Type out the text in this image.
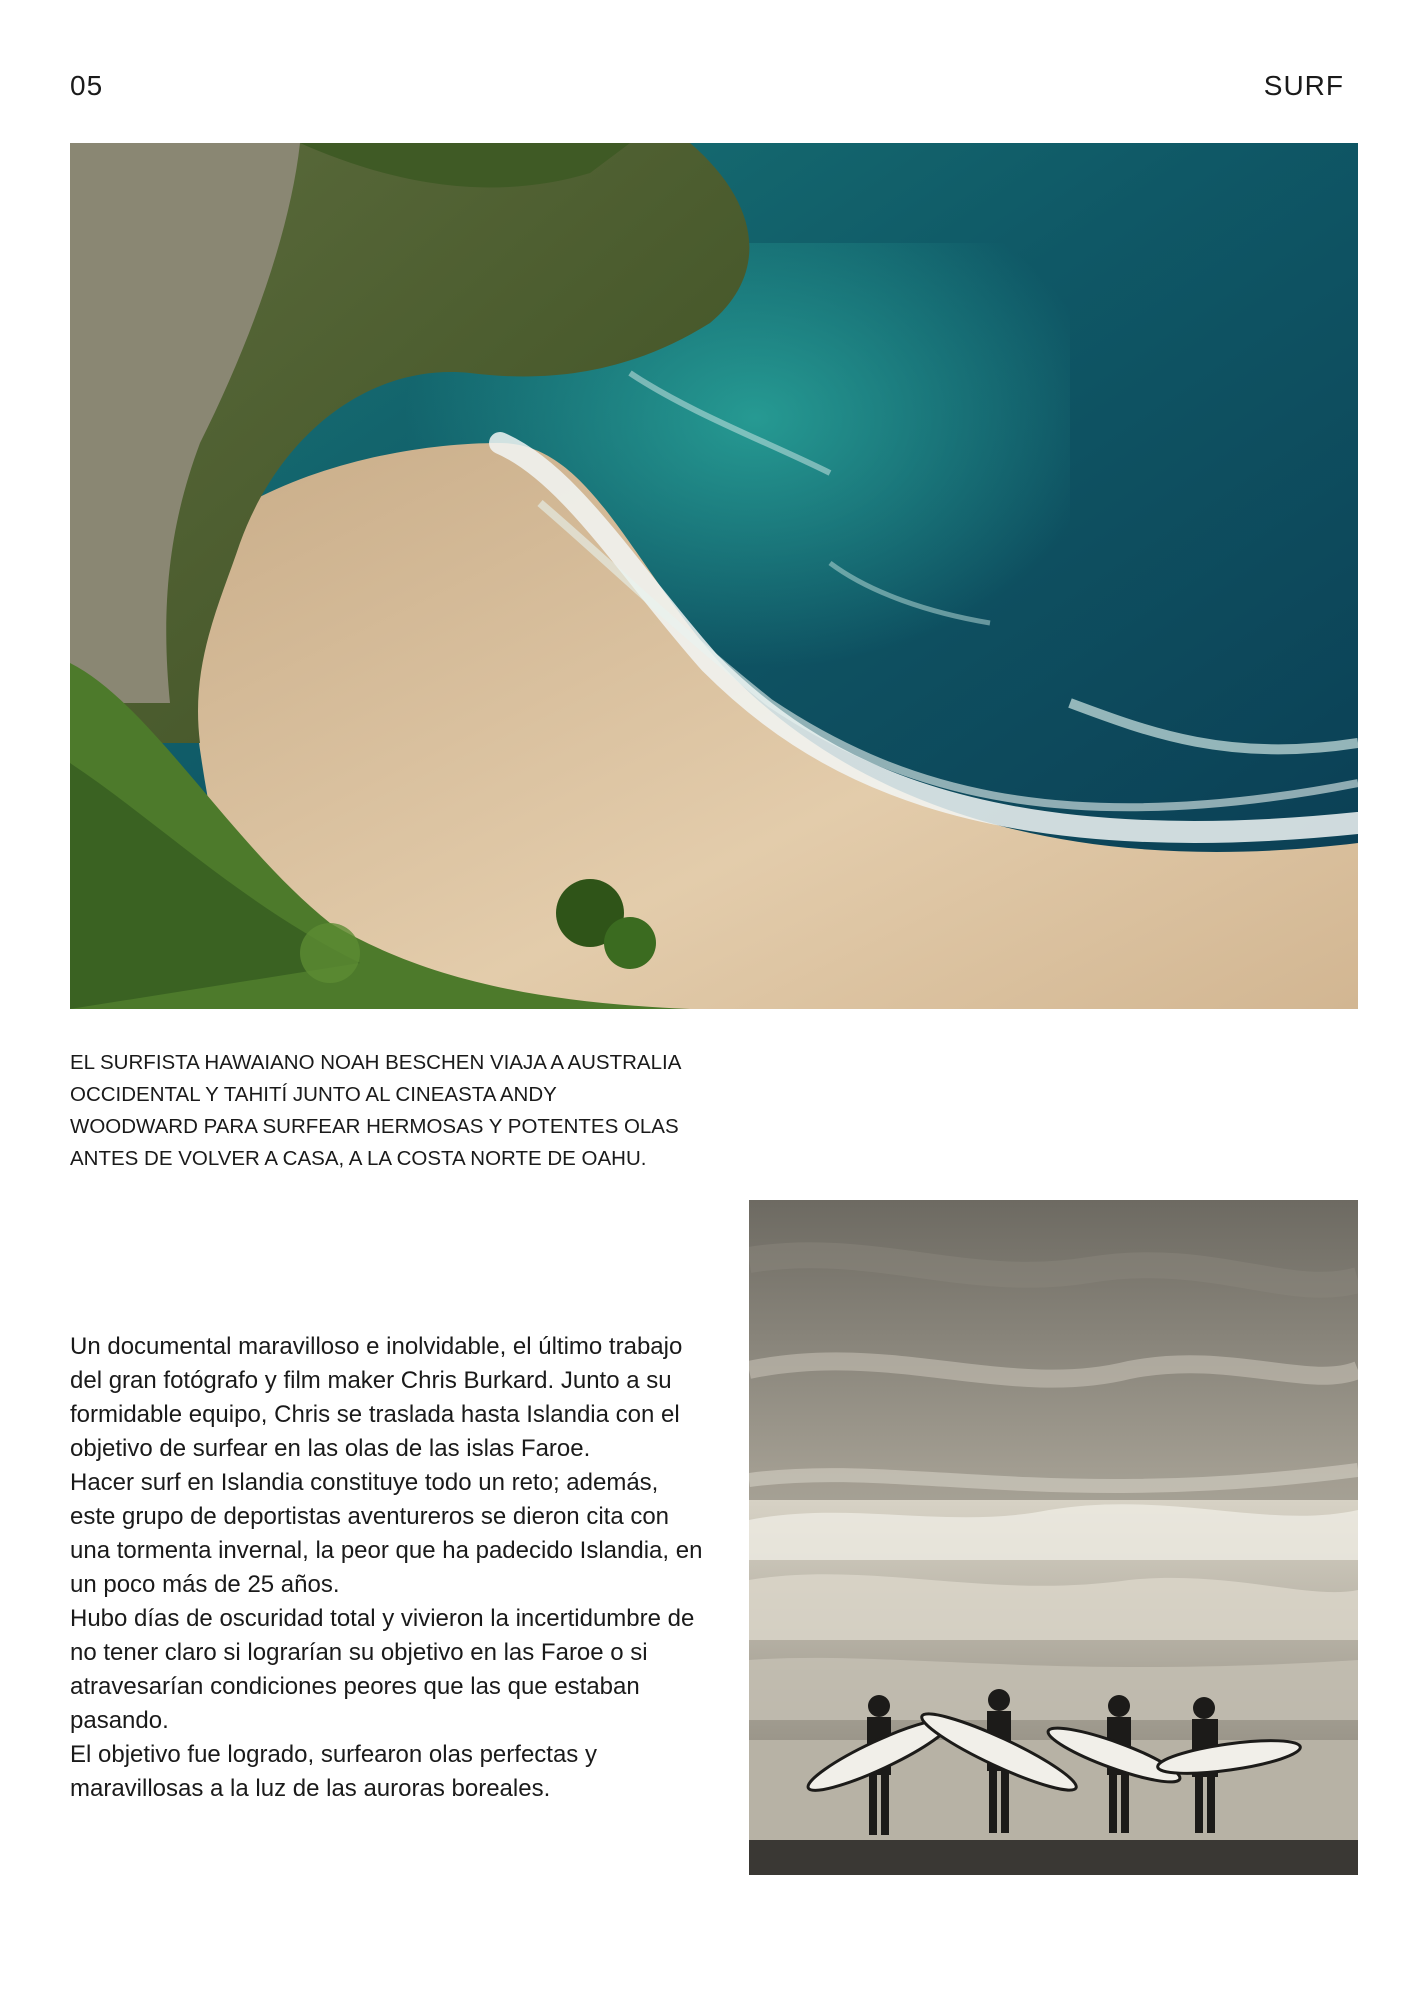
05	SURF

EL SURFISTA HAWAIANO NOAH BESCHEN VIAJA A AUSTRALIA OCCIDENTAL Y TAHITÍ JUNTO AL CINEASTA ANDY WOODWARD PARA SURFEAR HERMOSAS Y POTENTES OLAS ANTES DE VOLVER A CASA, A LA COSTA NORTE DE OAHU.

Un documental maravilloso e inolvidable, el último trabajo del gran fotógrafo y film maker Chris Burkard. Junto a su formidable equipo, Chris se traslada hasta Islandia con el objetivo de surfear en las olas de las islas Faroe.

Hacer surf en Islandia constituye todo un reto; además, este grupo de deportistas aventureros se dieron cita con una tormenta invernal, la peor que ha padecido Islandia, en un poco más de 25 años.

Hubo días de oscuridad total y vivieron la incertidumbre de no tener claro si lograrían su objetivo en las Faroe o si atravesarían condiciones peores que las que estaban pasando.

El objetivo fue logrado, surfearon olas perfectas y maravillosas a la luz de las auroras boreales.
